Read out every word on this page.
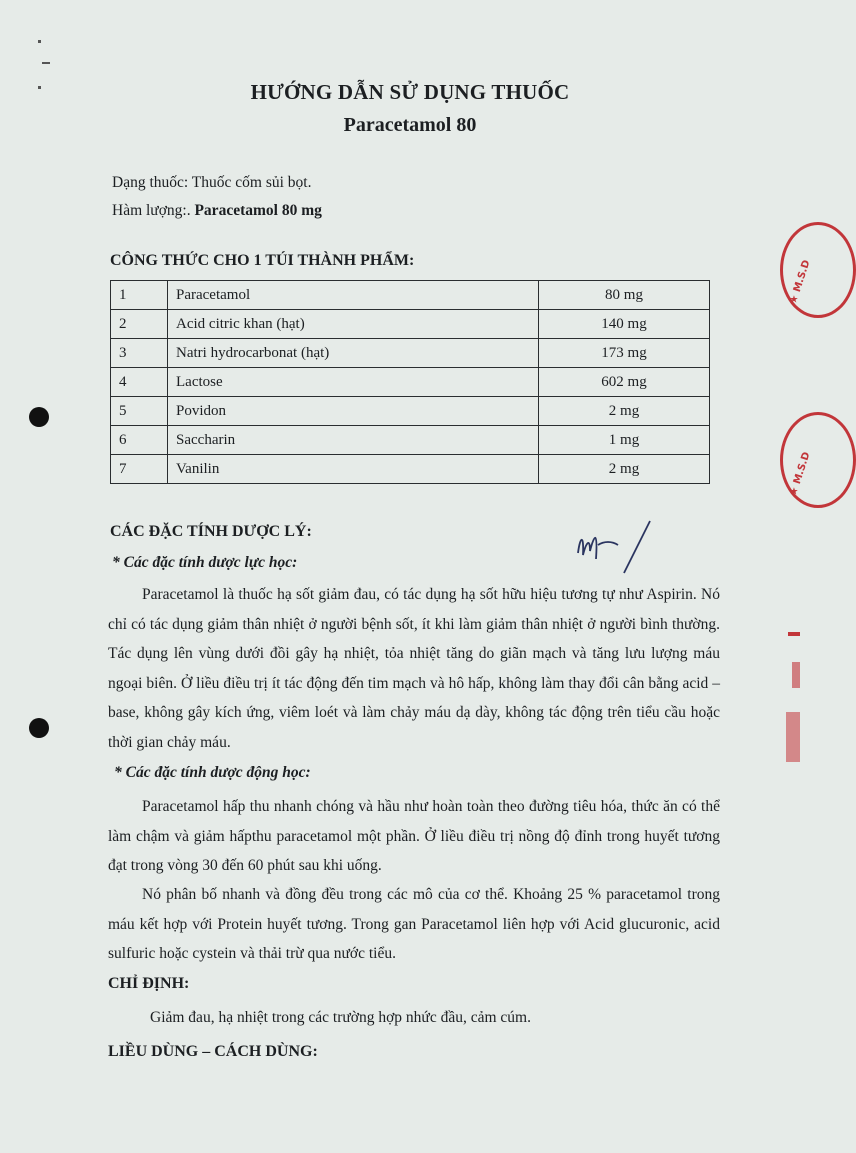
HƯỚNG DẪN SỬ DỤNG THUỐC
Paracetamol 80
Dạng thuốc: Thuốc cốm sủi bọt.
Hàm lượng:. Paracetamol 80 mg
CÔNG THỨC CHO 1 TÚI THÀNH PHẨM:
1	Paracetamol	80 mg
2	Acid citric khan (hạt)	140 mg
3	Natri hydrocarbonat (hạt)	173 mg
4	Lactose	602 mg
5	Povidon	2 mg
6	Saccharin	1 mg
7	Vanilin	2 mg
CÁC ĐẶC TÍNH DƯỢC LÝ:
* Các đặc tính dược lực học:

Paracetamol là thuốc hạ sốt giảm đau, có tác dụng hạ sốt hữu hiệu tương tự như Aspirin. Nó chỉ có tác dụng giảm thân nhiệt ở người bệnh sốt, ít khi làm giảm thân nhiệt ở người bình thường. Tác dụng lên vùng dưới đồi gây hạ nhiệt, tỏa nhiệt tăng do giãn mạch và tăng lưu lượng máu ngoại biên. Ở liều điều trị ít tác động đến tim mạch và hô hấp, không làm thay đổi cân bằng acid – base, không gây kích ứng, viêm loét và làm chảy máu dạ dày, không tác động trên tiểu cầu hoặc thời gian chảy máu.

* Các đặc tính dược động học:

Paracetamol hấp thu nhanh chóng và hầu như hoàn toàn theo đường tiêu hóa, thức ăn có thể làm chậm và giảm hấpthu paracetamol một phần. Ở liều điều trị nồng độ đỉnh trong huyết tương đạt trong vòng 30 đến 60 phút sau khi uống.

Nó phân bố nhanh và đồng đều trong các mô của cơ thể. Khoảng 25 % paracetamol trong máu kết hợp với Protein huyết tương. Trong gan Paracetamol liên hợp với Acid glucuronic, acid sulfuric hoặc cystein và thải trừ qua nước tiểu.

CHỈ ĐỊNH:
Giảm đau, hạ nhiệt trong các trường hợp nhức đầu, cảm cúm.
LIỀU DÙNG – CÁCH DÙNG:
★ M.S.D
★ M.S.D
